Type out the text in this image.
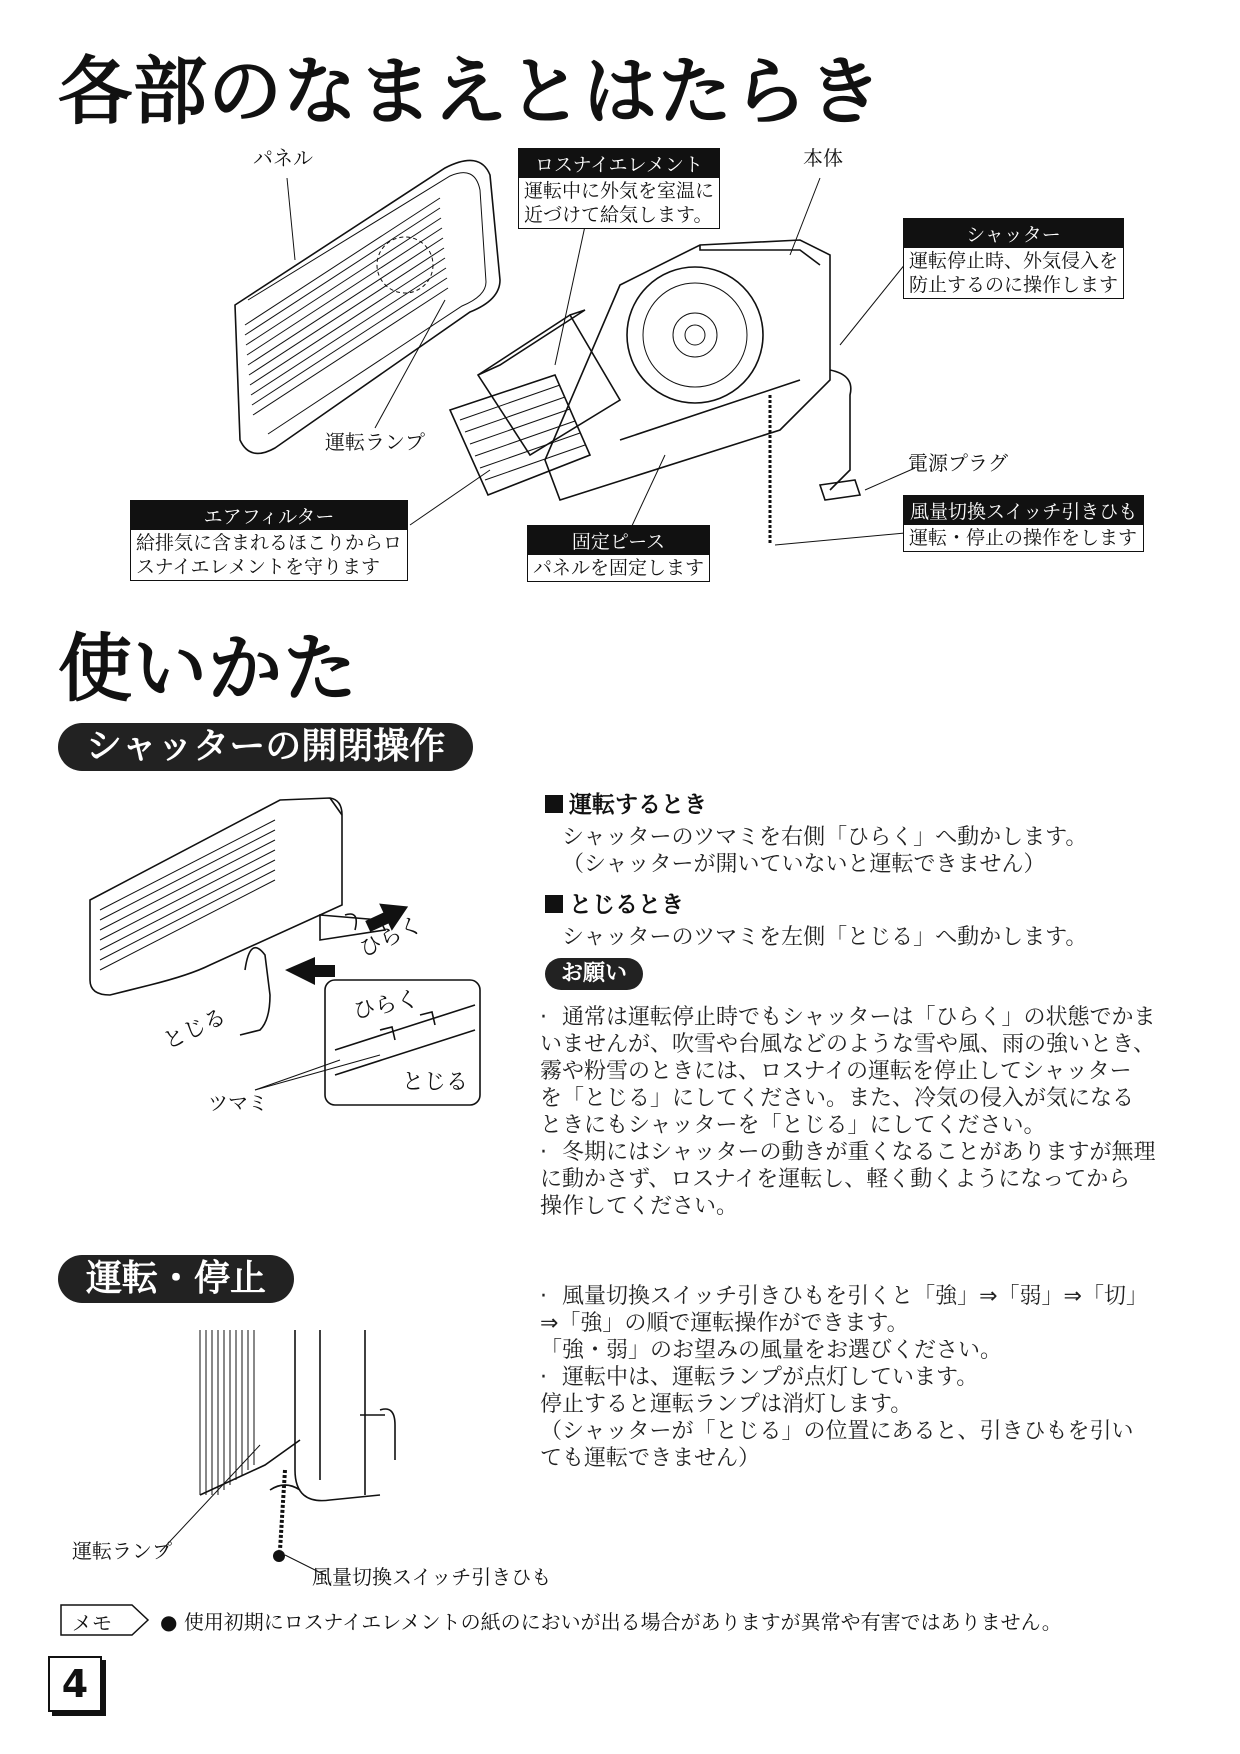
各部のなまえとはたらき
パネル	本体
運転ランプ
電源プラグ
ロスナイエレメント
運転中に外気を室温に
近づけて給気します。
シャッター
運転停止時、外気侵入を
防止するのに操作します
エアフィルター
給排気に含まれるほこりからロ
スナイエレメントを守ります
固定ピース
パネルを固定します
風量切換スイッチ引きひも
運転・停止の操作をします
使いかた
シャッターの開閉操作
ひらく
とじる	ひらく
とじる
ツマミ
運転するとき
シャッターのツマミを右側「ひらく」へ動かします。
（シャッターが開いていないと運転できません）
とじるとき
シャッターのツマミを左側「とじる」へ動かします。
お願い

· 通常は運転停止時でもシャッターは「ひらく」の状態でかま

いませんが、吹雪や台風などのような雪や風、雨の強いとき、

霧や粉雪のときには、ロスナイの運転を停止してシャッター

を「とじる」にしてください。また、冷気の侵入が気になる

ときにもシャッターを「とじる」にしてください。

· 冬期にはシャッターの動きが重くなることがありますが無理

に動かさず、ロスナイを運転し、軽く動くようになってから

操作してください。

運転・停止
運転ランプ
風量切換スイッチ引きひも

· 風量切換スイッチ引きひもを引くと「強」⇒「弱」⇒「切」

⇒「強」の順で運転操作ができます。

「強・弱」のお望みの風量をお選びください。

· 運転中は、運転ランプが点灯しています。

停止すると運転ランプは消灯します。

（シャッターが「とじる」の位置にあると、引きひもを引い

ても運転できません）

メモ ● 使用初期にロスナイエレメントの紙のにおいが出る場合がありますが異常や有害ではありません。
4
